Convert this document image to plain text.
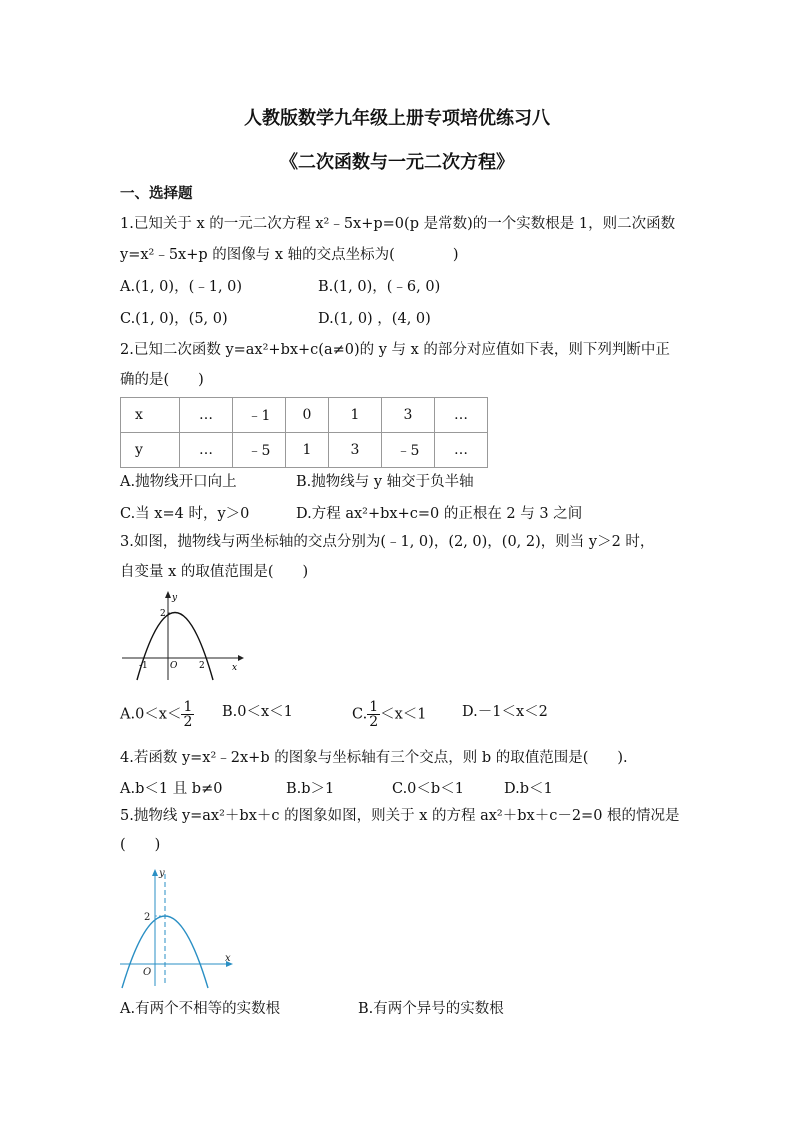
人教版数学九年级上册专项培优练习八
《二次函数与一元二次方程》
一、选择题
1.已知关于 x 的一元二次方程 x²﹣5x+p=0(p 是常数)的一个实数根是 1，则二次函数
y=x²﹣5x+p 的图像与 x 轴的交点坐标为(　　　　)
A.(1, 0)，(﹣1, 0)	B.(1, 0)，(﹣6, 0)
C.(1, 0)，(5, 0)	D.(1, 0) ，(4, 0)
2.已知二次函数 y=ax²+bx+c(a≠0)的 y 与 x 的部分对应值如下表，则下列判断中正
确的是(　　)
x	…	﹣1	0	1	3	…
y	…	﹣5	1	3	﹣5	…
A.抛物线开口向上	B.抛物线与 y 轴交于负半轴
C.当 x=4 时，y＞0	D.方程 ax²+bx+c=0 的正根在 2 与 3 之间
3.如图，抛物线与两坐标轴的交点分别为(﹣1, 0)，(2, 0)，(0, 2)，则当 y＞2 时，
自变量 x 的取值范围是(　　)
y
x
2
-1 O 2
$A.0<x< \frac{1}{2} B.0<x<1$	C. $\frac{1}{2} <x<1$ D.－1＜x＜2
4.若函数 y=x²﹣2x+b 的图象与坐标轴有三个交点，则 b 的取值范围是(　　).
A.b＜1 且 b≠0	B.b＞1	C.0＜b＜1	D.b＜1
5.抛物线 y=ax²＋bx＋c 的图象如图，则关于 x 的方程 ax²＋bx＋c－2=0 根的情况是
(　　)
y
x
2
O
A.有两个不相等的实数根	B.有两个异号的实数根
